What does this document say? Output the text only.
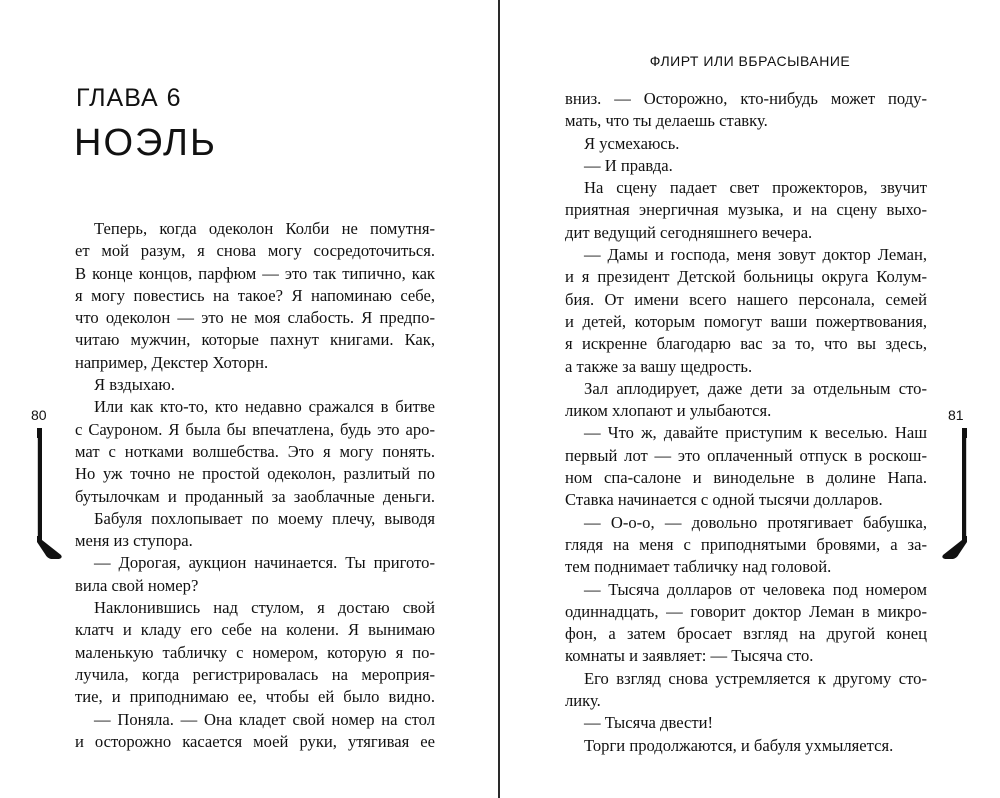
ГЛАВА 6
НОЭЛЬ
Теперь, когда одеколон Колби не помутня-
ет мой разум, я снова могу сосредоточиться.
В конце концов, парфюм — это так типично, как
я могу повестись на такое? Я напоминаю себе,
что одеколон — это не моя слабость. Я предпо-
читаю мужчин, которые пахнут книгами. Как,
например, Декстер Хоторн.
Я вздыхаю.
Или как кто-то, кто недавно сражался в битве
с Сауроном. Я была бы впечатлена, будь это аро-
мат с нотками волшебства. Это я могу понять.
Но уж точно не простой одеколон, разлитый по
бутылочкам и проданный за заоблачные деньги.
Бабуля похлопывает по моему плечу, выводя
меня из ступора.
— Дорогая, аукцион начинается. Ты пригото-
вила свой номер?
Наклонившись над стулом, я достаю свой
клатч и кладу его себе на колени. Я вынимаю
маленькую табличку с номером, которую я по-
лучила, когда регистрировалась на мероприя-
тие, и приподнимаю ее, чтобы ей было видно.
— Поняла. — Она кладет свой номер на стол
и осторожно касается моей руки, утягивая ее
ФЛИРТ ИЛИ ВБРАСЫВАНИЕ
вниз. — Осторожно, кто-нибудь может поду-
мать, что ты делаешь ставку.
Я усмехаюсь.
— И правда.
На сцену падает свет прожекторов, звучит
приятная энергичная музыка, и на сцену выхо-
дит ведущий сегодняшнего вечера.
— Дамы и господа, меня зовут доктор Леман,
и я президент Детской больницы округа Колум-
бия. От имени всего нашего персонала, семей
и детей, которым помогут ваши пожертвования,
я искренне благодарю вас за то, что вы здесь,
а также за вашу щедрость.
Зал аплодирует, даже дети за отдельным сто-
ликом хлопают и улыбаются.
— Что ж, давайте приступим к веселью. Наш
первый лот — это оплаченный отпуск в роскош-
ном спа-салоне и винодельне в долине Напа.
Ставка начинается с одной тысячи долларов.
— О-о-о, — довольно протягивает бабушка,
глядя на меня с приподнятыми бровями, а за-
тем поднимает табличку над головой.
— Тысяча долларов от человека под номером
одиннадцать, — говорит доктор Леман в микро-
фон, а затем бросает взгляд на другой конец
комнаты и заявляет: — Тысяча сто.
Его взгляд снова устремляется к другому сто-
лику.
— Тысяча двести!
Торги продолжаются, и бабуля ухмыляется.
80	81
